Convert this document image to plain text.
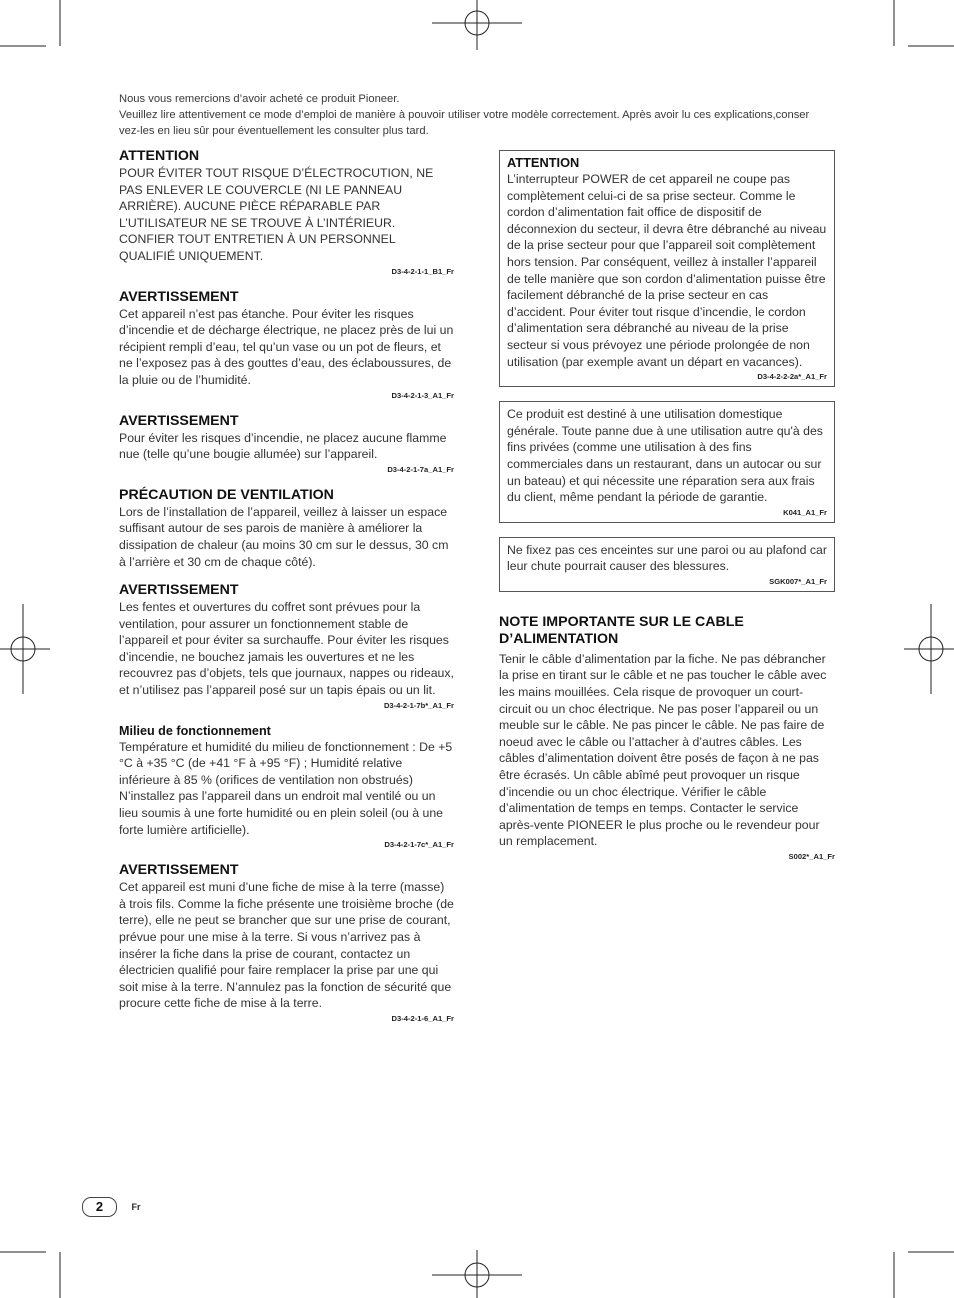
Nous vous remercions d’avoir acheté ce produit Pioneer.

Veuillez lire attentivement ce mode d’emploi de manière à pouvoir utiliser votre modèle correctement. Après avoir lu ces explications,conser vez-les en lieu sûr pour éventuellement les consulter plus tard.

ATTENTION

POUR ÉVITER TOUT RISQUE D’ÉLECTROCUTION, NE PAS ENLEVER LE COUVERCLE (NI LE PANNEAU ARRIÈRE). AUCUNE PIÈCE RÉPARABLE PAR L’UTILISATEUR NE SE TROUVE À L’INTÉRIEUR. CONFIER TOUT ENTRETIEN À UN PERSONNEL QUALIFIÉ UNIQUEMENT.

D3-4-2-1-1_B1_Fr
AVERTISSEMENT

Cet appareil n’est pas étanche. Pour éviter les risques d’incendie et de décharge électrique, ne placez près de lui un récipient rempli d’eau, tel qu’un vase ou un pot de fleurs, et ne l’exposez pas à des gouttes d’eau, des éclaboussures, de la pluie ou de l’humidité.

D3-4-2-1-3_A1_Fr
AVERTISSEMENT

Pour éviter les risques d’incendie, ne placez aucune flamme nue (telle qu’une bougie allumée) sur l’appareil.

D3-4-2-1-7a_A1_Fr
PRÉCAUTION DE VENTILATION

Lors de l’installation de l’appareil, veillez à laisser un espace suffisant autour de ses parois de manière à améliorer la dissipation de chaleur (au moins 30 cm sur le dessus, 30 cm à l’arrière et 30 cm de chaque côté).

AVERTISSEMENT

Les fentes et ouvertures du coffret sont prévues pour la ventilation, pour assurer un fonctionnement stable de l’appareil et pour éviter sa surchauffe. Pour éviter les risques d’incendie, ne bouchez jamais les ouvertures et ne les recouvrez pas d’objets, tels que journaux, nappes ou rideaux, et n’utilisez pas l’appareil posé sur un tapis épais ou un lit.

D3-4-2-1-7b*_A1_Fr
Milieu de fonctionnement

Température et humidité du milieu de fonctionnement : De +5 °C à +35 °C (de +41 °F à +95 °F) ; Humidité relative inférieure à 85 % (orifices de ventilation non obstrués)
N’installez pas l’appareil dans un endroit mal ventilé ou un lieu soumis à une forte humidité ou en plein soleil (ou à une forte lumière artificielle).

D3-4-2-1-7c*_A1_Fr
AVERTISSEMENT

Cet appareil est muni d’une fiche de mise à la terre (masse) à trois fils. Comme la fiche présente une troisième broche (de terre), elle ne peut se brancher que sur une prise de courant, prévue pour une mise à la terre. Si vous n’arrivez pas à insérer la fiche dans la prise de courant, contactez un électricien qualifié pour faire remplacer la prise par une qui soit mise à la terre. N’annulez pas la fonction de sécurité que procure cette fiche de mise à la terre.

D3-4-2-1-6_A1_Fr
ATTENTION

L’interrupteur POWER de cet appareil ne coupe pas complètement celui-ci de sa prise secteur. Comme le cordon d’alimentation fait office de dispositif de déconnexion du secteur, il devra être débranché au niveau de la prise secteur pour que l’appareil soit complètement hors tension. Par conséquent, veillez à installer l’appareil de telle manière que son cordon d’alimentation puisse être facilement débranché de la prise secteur en cas d’accident. Pour éviter tout risque d’incendie, le cordon d’alimentation sera débranché au niveau de la prise secteur si vous prévoyez une période prolongée de non utilisation (par exemple avant un départ en vacances).

D3-4-2-2-2a*_A1_Fr

Ce produit est destiné à une utilisation domestique générale. Toute panne due à une utilisation autre qu'à des fins privées (comme une utilisation à des fins commerciales dans un restaurant, dans un autocar ou sur un bateau) et qui nécessite une réparation sera aux frais du client, même pendant la période de garantie.

K041_A1_Fr

Ne fixez pas ces enceintes sur une paroi ou au plafond car leur chute pourrait causer des blessures.

SGK007*_A1_Fr
NOTE IMPORTANTE SUR LE CABLE D’ALIMENTATION

Tenir le câble d’alimentation par la fiche. Ne pas débrancher la prise en tirant sur le câble et ne pas toucher le câble avec les mains mouillées. Cela risque de provoquer un court-circuit ou un choc électrique. Ne pas poser l’appareil ou un meuble sur le câble. Ne pas pincer le câble. Ne pas faire de noeud avec le câble ou l’attacher à d’autres câbles. Les câbles d’alimentation doivent être posés de façon à ne pas être écrasés. Un câble abîmé peut provoquer un risque d’incendie ou un choc électrique. Vérifier le câble d’alimentation de temps en temps. Contacter le service après-vente PIONEER le plus proche ou le revendeur pour un remplacement.

S002*_A1_Fr
2	Fr
